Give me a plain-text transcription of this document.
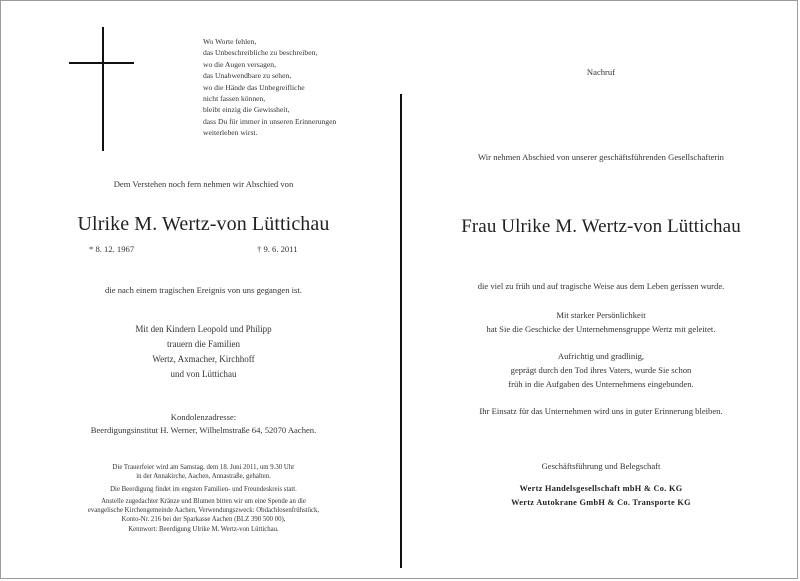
Wo Worte fehlen,
das Unbeschreibliche zu beschreiben,
wo die Augen versagen,
das Unabwendbare zu sehen,
wo die Hände das Unbegreifliche
nicht fassen können,
bleibt einzig die Gewissheit,
dass Du für immer in unseren Erinnerungen
weiterleben wirst.
Dem Verstehen noch fern nehmen wir Abschied von
Ulrike M. Wertz-von Lüttichau
* 8. 12. 1967	† 9. 6. 2011
die nach einem tragischen Ereignis von uns gegangen ist.
Mit den Kindern Leopold und Philipp
trauern die Familien
Wertz, Axmacher, Kirchhoff
und von Lüttichau
Kondolenzadresse:
Beerdigungsinstitut H. Werner, Wilhelmstraße 64, 52070 Aachen.
Die Trauerfeier wird am Samstag, dem 18. Juni 2011, um 9.30 Uhr
in der Annakirche, Aachen, Annastraße, gehalten.
Die Beerdigung findet im engsten Familien- und Freundeskreis statt.
Anstelle zugedachter Kränze und Blumen bitten wir um eine Spende an die
evangelische Kirchengemeinde Aachen, Verwendungszweck: Obdachlosenfrühstück,
Konto-Nr. 216 bei der Sparkasse Aachen (BLZ 390 500 00),
Kennwort: Beerdigung Ulrike M. Wertz-von Lüttichau.
Nachruf
Wir nehmen Abschied von unserer geschäftsführenden Gesellschafterin
Frau Ulrike M. Wertz-von Lüttichau
die viel zu früh und auf tragische Weise aus dem Leben gerissen wurde.
Mit starker Persönlichkeit
hat Sie die Geschicke der Unternehmensgruppe Wertz mit geleitet.
Aufrichtig und gradlinig,
geprägt durch den Tod ihres Vaters, wurde Sie schon
früh in die Aufgaben des Unternehmens eingebunden.
Ihr Einsatz für das Unternehmen wird uns in guter Erinnerung bleiben.
Geschäftsführung und Belegschaft
Wertz Handelsgesellschaft mbH & Co. KG
Wertz Autokrane GmbH & Co. Transporte KG
